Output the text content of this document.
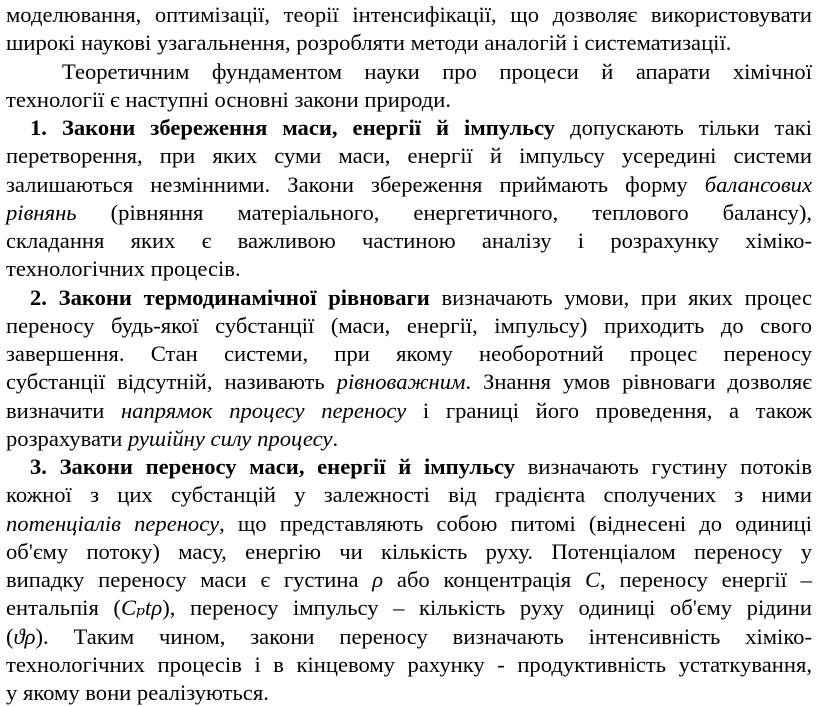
моделювання, оптимізації, теорії інтенсифікації, що дозволяє використовувати
широкі наукові узагальнення, розробляти методи аналогій і систематизації.
Теоретичним фундаментом науки про процеси й апарати хімічної
технології є наступні основні закони природи.
1. Закони збереження маси, енергії й імпульсу допускають тільки такі
перетворення, при яких суми маси, енергії й імпульсу усередині системи
залишаються незмінними. Закони збереження приймають форму балансових
рівнянь (рівняння матеріального, енергетичного, теплового балансу),
складання яких є важливою частиною аналізу і розрахунку хіміко-
технологічних процесів.
2. Закони термодинамічної рівноваги визначають умови, при яких процес
переносу будь-якої субстанції (маси, енергії, імпульсу) приходить до свого
завершення. Стан системи, при якому необоротний процес переносу
субстанції відсутній, називають рівноважним. Знання умов рівноваги дозволяє
визначити напрямок процесу переносу і границі його проведення, а також
розрахувати рушійну силу процесу.
3. Закони переносу маси, енергії й імпульсу визначають густину потоків
кожної з цих субстанцій у залежності від градієнта сполучених з ними
потенціалів переносу, що представляють собою питомі (віднесені до одиниці
об'єму потоку) масу, енергію чи кількість руху. Потенціалом переносу у
випадку переносу маси є густина ρ або концентрація C, переносу енергії –
ентальпія (Cₚtρ), переносу імпульсу – кількість руху одиниці об'єму рідини
(ϑρ). Таким чином, закони переносу визначають інтенсивність хіміко-
технологічних процесів і в кінцевому рахунку - продуктивність устаткування,
у якому вони реалізуються.
